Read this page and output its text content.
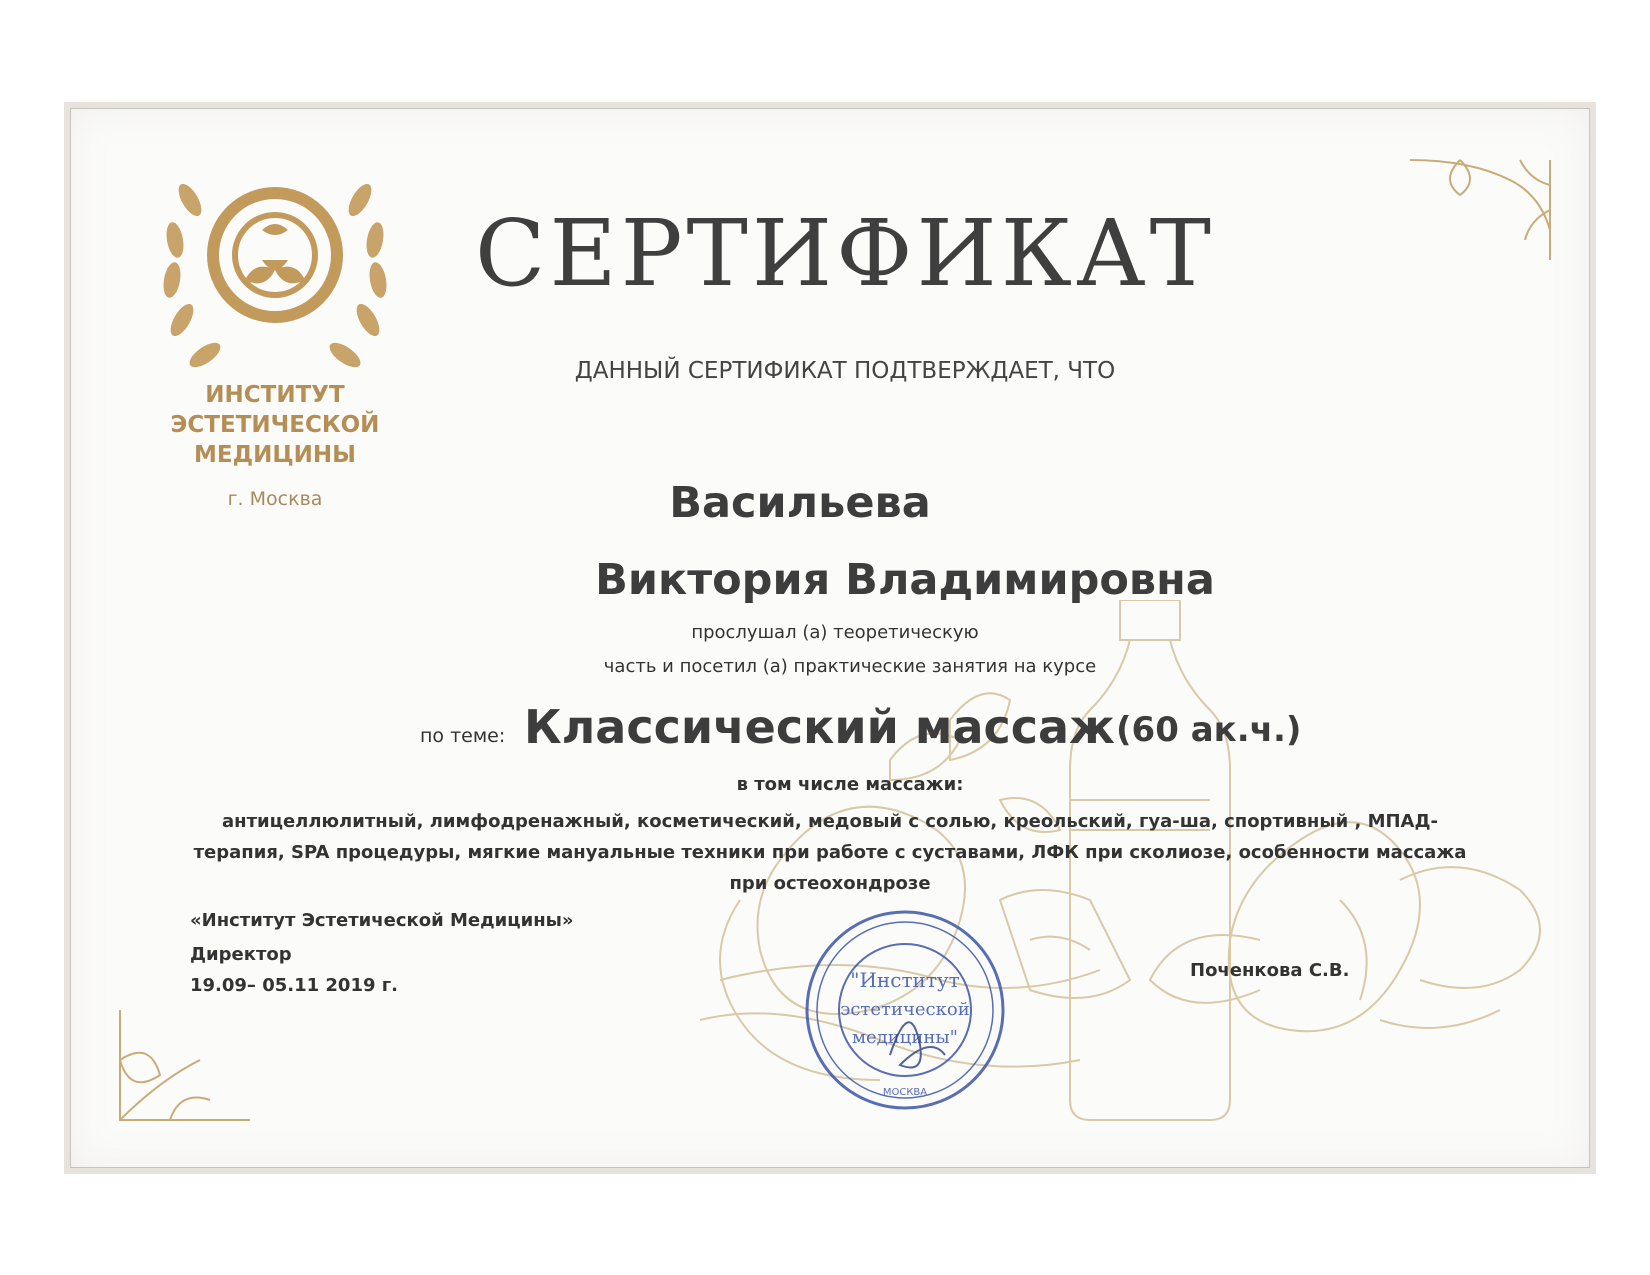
ИНСТИТУТ
ЭСТЕТИЧЕСКОЙ
МЕДИЦИНЫ
г. Москва
СЕРТИФИКАТ
ДАННЫЙ СЕРТИФИКАТ ПОДТВЕРЖДАЕТ, ЧТО
Васильева
Виктория Владимировна
прослушал (а) теоретическую
часть и посетил (а) практические занятия на курсе
по теме: Классический массаж (60 ак.ч.)
в том числе массажи:
антицеллюлитный, лимфодренажный, косметический, медовый с солью, креольский, гуа-ша, спортивный , МПАД-терапия, SPA процедуры, мягкие мануальные техники при работе с суставами, ЛФК при сколиозе, особенности массажа при остеохондрозе
«Институт Эстетической Медицины»
Директор
19.09– 05.11 2019 г.
Поченкова С.В.
"Институт
эстетической
медицины"
МОСКВА
